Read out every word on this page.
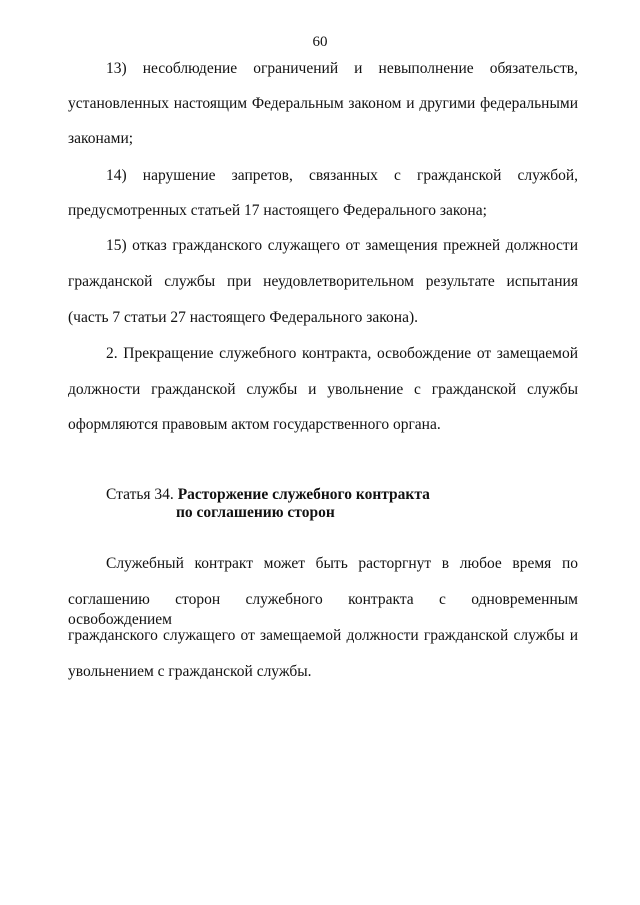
60
13) несоблюдение ограничений и невыполнение обязательств,
установленных настоящим Федеральным законом и другими федеральными
законами;
14) нарушение запретов, связанных с гражданской службой,
предусмотренных статьей 17 настоящего Федерального закона;
15) отказ гражданского служащего от замещения прежней должности
гражданской службы при неудовлетворительном результате испытания
(часть 7 статьи 27 настоящего Федерального закона).
2. Прекращение служебного контракта, освобождение от замещаемой
должности гражданской службы и увольнение с гражданской службы
оформляются правовым актом государственного органа.
Статья 34. Расторжение служебного контракта
по соглашению сторон
Служебный контракт может быть расторгнут в любое время по
соглашению сторон служебного контракта с одновременным освобождением
гражданского служащего от замещаемой должности гражданской службы и
увольнением с гражданской службы.
